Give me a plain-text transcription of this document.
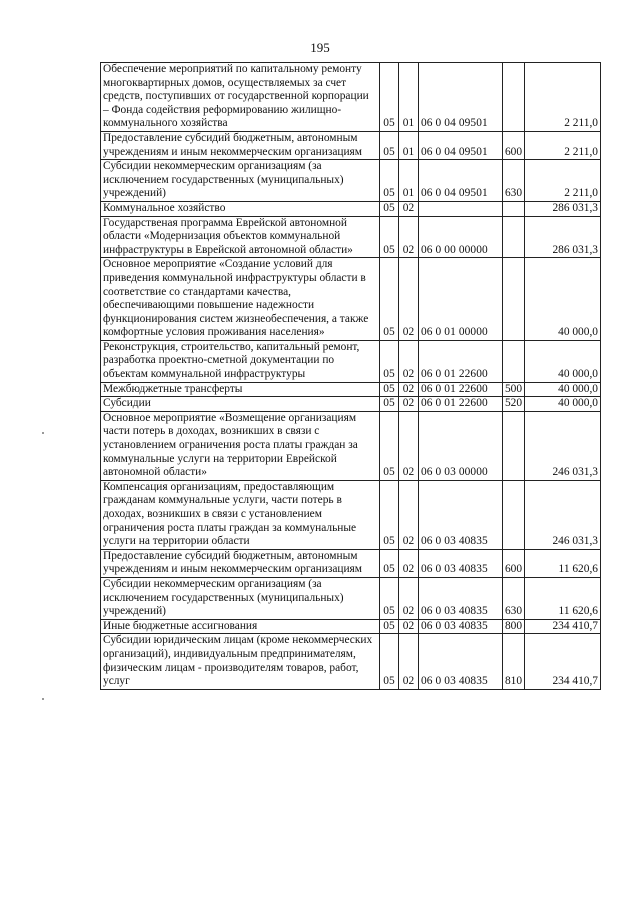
195
Обеспечение мероприятий по капитальному ремонту многоквартирных домов, осуществляемых за счет средств, поступивших от государственной корпорации – Фонда содействия реформированию жилищно-коммунального хозяйства	05	01	06 0 04 09501		2 211,0
Предоставление субсидий бюджетным, автономным учреждениям и иным некоммерческим организациям	05	01	06 0 04 09501	600	2 211,0
Субсидии некоммерческим организациям (за исключением государственных (муниципальных) учреждений)	05	01	06 0 04 09501	630	2 211,0
Коммунальное хозяйство	05	02			286 031,3
Государственая программа Еврейской автономной области «Модернизация объектов коммунальной инфраструктуры в Еврейской автономной области»	05	02	06 0 00 00000		286 031,3
Основное мероприятие «Создание условий для приведения коммунальной инфраструктуры области в соответствие со стандартами качества, обеспечивающими повышение надежности функционирования систем жизнеобеспечения, а также комфортные условия проживания населения»	05	02	06 0 01 00000		40 000,0
Реконструкция, строительство, капитальный ремонт, разработка проектно-сметной документации по объектам коммунальной инфраструктуры	05	02	06 0 01 22600		40 000,0
Межбюджетные трансферты	05	02	06 0 01 22600	500	40 000,0
Субсидии	05	02	06 0 01 22600	520	40 000,0
Основное мероприятие «Возмещение организациям части потерь в доходах, возникших в связи с установлением ограничения роста платы граждан за коммунальные услуги на территории Еврейской автономной области»	05	02	06 0 03 00000		246 031,3
Компенсация организациям, предоставляющим гражданам коммунальные услуги, части потерь в доходах, возникших в связи с установлением ограничения роста платы граждан за коммунальные услуги на территории области	05	02	06 0 03 40835		246 031,3
Предоставление субсидий бюджетным, автономным учреждениям и иным некоммерческим организациям	05	02	06 0 03 40835	600	11 620,6
Субсидии некоммерческим организациям (за исключением государственных (муниципальных) учреждений)	05	02	06 0 03 40835	630	11 620,6
Иные бюджетные ассигнования	05	02	06 0 03 40835	800	234 410,7
Субсидии юридическим лицам (кроме некоммерческих организаций), индивидуальным предпринимателям, физическим лицам - производителям товаров, работ, услуг	05	02	06 0 03 40835	810	234 410,7
